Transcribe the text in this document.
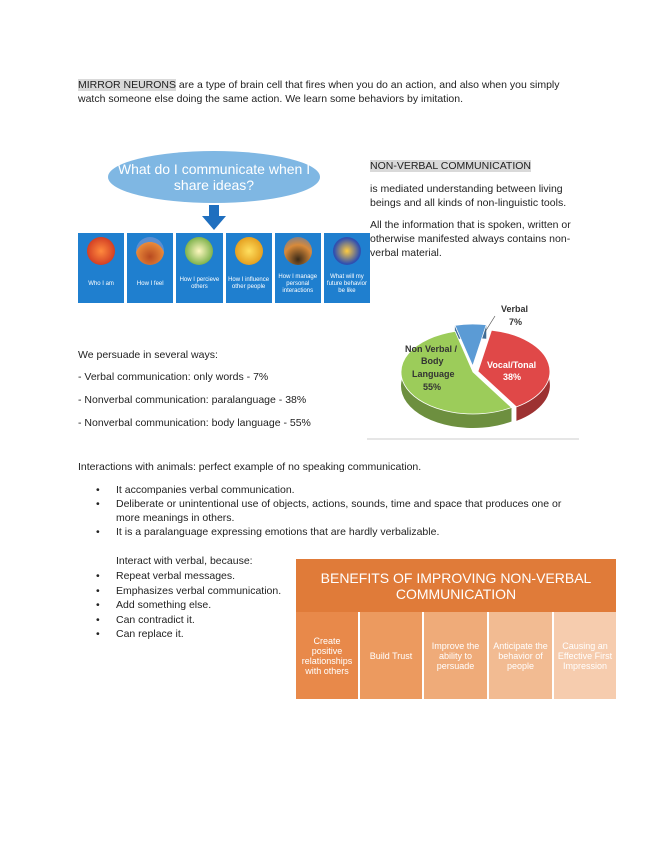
MIRROR NEURONS are a type of brain cell that fires when you do an action, and also when you simply watch someone else doing the same action. We learn some behaviors by imitation.
What do I communicate when I share ideas?
Who I am	How I feel
How I percieve others
How I influence other people
How I manage personal interactions
What will my future behavior be like
NON-VERBAL COMMUNICATION
is mediated understanding between living beings and all kinds of non-linguistic tools.
All the information that is spoken, written or otherwise manifested always contains non-verbal material.
We persuade in several ways:
- Verbal communication: only words - 7%
- Nonverbal communication: paralanguage - 38%
- Nonverbal communication: body language - 55%
Verbal
7%
Vocal/Tonal
38%
Non Verbal /
Body
Language
55%
Interactions with animals: perfect example of no speaking communication.
• It accompanies verbal communication.
• Deliberate or unintentional use of objects, actions, sounds, time and space that produces one or more meanings in others.
• It is a paralanguage expressing emotions that are hardly verbalizable.
Interact with verbal, because:
• Repeat verbal messages.
• Emphasizes verbal communication.
• Add something else.
• Can contradict it.
• Can replace it.
BENEFITS OF IMPROVING NON-VERBAL COMMUNICATION
Create positive relationships with others
Build Trust
Improve the ability to persuade
Anticipate the behavior of people
Causing an Effective First Impression
